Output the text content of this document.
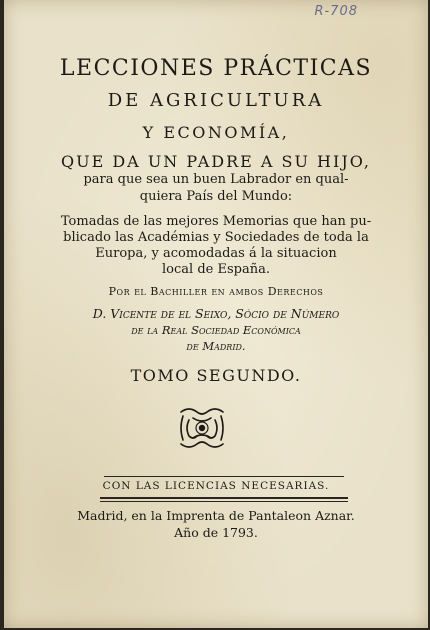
R-708
LECCIONES PRÁCTICAS
DE AGRICULTURA
Y ECONOMÍA,
QUE DA UN PADRE A SU HIJO,
para que sea un buen Labrador en qual-
quiera País del Mundo:
Tomadas de las mejores Memorias que han pu-
blicado las Académias y Sociedades de toda la
Europa, y acomodadas á la situacion
local de España.
Por el Bachiller en ambos Derechos
D. Vicente de el Seixo, Sócio de Número
de la Real Sociedad Económica
de Madrid.
TOMO SEGUNDO.
CON LAS LICENCIAS NECESARIAS.
Madrid, en la Imprenta de Pantaleon Aznar.
Año de 1793.
